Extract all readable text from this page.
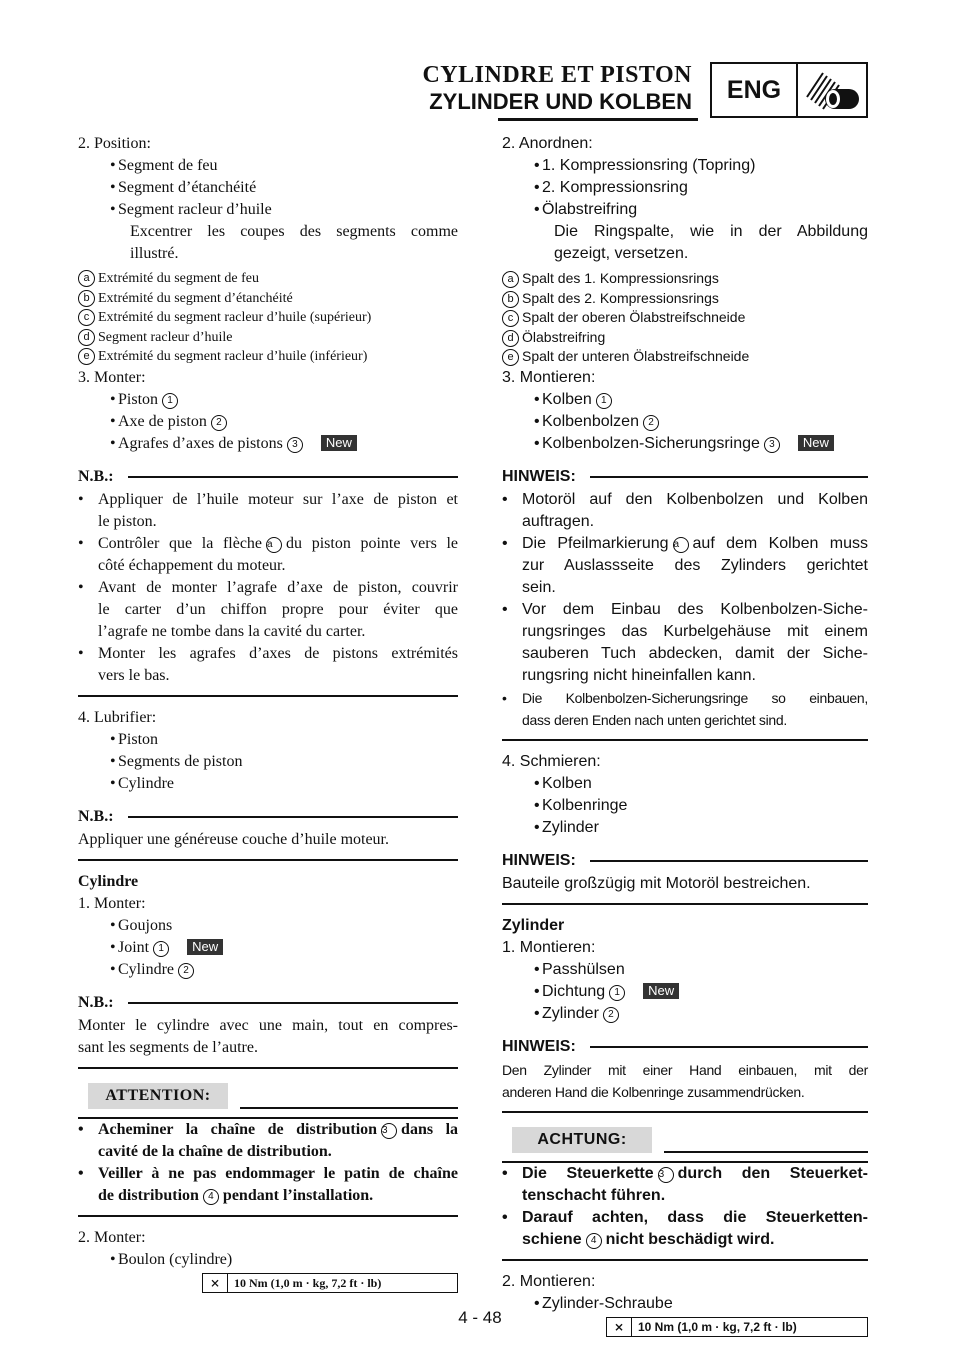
CYLINDRE ET PISTON
ZYLINDER UND KOLBEN	ENG
2. Position:
• Segment de feu
• Segment d’étanchéité
• Segment racleur d’huile
Excentrer les coupes des segments comme
illustré.
a Extrémité du segment de feu
b Extrémité du segment d’étanchéité
c Extrémité du segment racleur d’huile (supérieur)
d Segment racleur d’huile
e Extrémité du segment racleur d’huile (inférieur)
3. Monter:
• Piston 1
• Axe de piston 2
• Agrafes d’axes de pistons 3 New
N.B.:
• Appliquer de l’huile moteur sur l’axe de piston et
le piston.
• Contrôler que la flèche a du piston pointe vers le
côté échappement du moteur.
• Avant de monter l’agrafe d’axe de piston, couvrir
le carter d’un chiffon propre pour éviter que
l’agrafe ne tombe dans la cavité du carter.
• Monter les agrafes d’axes de pistons extrémités
vers le bas.
4. Lubrifier:
• Piston
• Segments de piston
• Cylindre
N.B.:
Appliquer une généreuse couche d’huile moteur.
Cylindre
1. Monter:
• Goujons
• Joint 1 New
• Cylindre 2
N.B.:
Monter le cylindre avec une main, tout en compres-
sant les segments de l’autre.
ATTENTION:
• Acheminer la chaîne de distribution 3 dans la
cavité de la chaîne de distribution.
• Veiller à ne pas endommager le patin de chaîne
de distribution 4 pendant l’installation.
2. Monter:
• Boulon (cylindre)
⨯	10 Nm (1,0 m · kg, 7,2 ft · lb)
2. Anordnen:
• 1. Kompressionsring (Topring)
• 2. Kompressionsring
• Ölabstreifring
Die Ringspalte, wie in der Abbildung
gezeigt, versetzen.
a Spalt des 1. Kompressionsrings
b Spalt des 2. Kompressionsrings
c Spalt der oberen Ölabstreifschneide
d Ölabstreifring
e Spalt der unteren Ölabstreifschneide
3. Montieren:
• Kolben 1
• Kolbenbolzen 2
• Kolbenbolzen-Sicherungsringe 3 New
HINWEIS:
• Motoröl auf den Kolbenbolzen und Kolben
auftragen.
• Die Pfeilmarkierung a auf dem Kolben muss
zur Auslassseite des Zylinders gerichtet
sein.
• Vor dem Einbau des Kolbenbolzen-Siche-
rungsringes das Kurbelgehäuse mit einem
sauberen Tuch abdecken, damit der Siche-
rungsring nicht hineinfallen kann.
• Die Kolbenbolzen-Sicherungsringe so einbauen,
dass deren Enden nach unten gerichtet sind.
4. Schmieren:
• Kolben
• Kolbenringe
• Zylinder
HINWEIS:
Bauteile großzügig mit Motoröl bestreichen.
Zylinder
1. Montieren:
• Passhülsen
• Dichtung 1 New
• Zylinder 2
HINWEIS:
Den Zylinder mit einer Hand einbauen, mit der
anderen Hand die Kolbenringe zusammendrücken.
ACHTUNG:
• Die Steuerkette 3 durch den Steuerket-
tenschacht führen.
• Darauf achten, dass die Steuerketten-
schiene 4 nicht beschädigt wird.
2. Montieren:
• Zylinder-Schraube
⨯	10 Nm (1,0 m · kg, 7,2 ft · lb)
4 - 48
